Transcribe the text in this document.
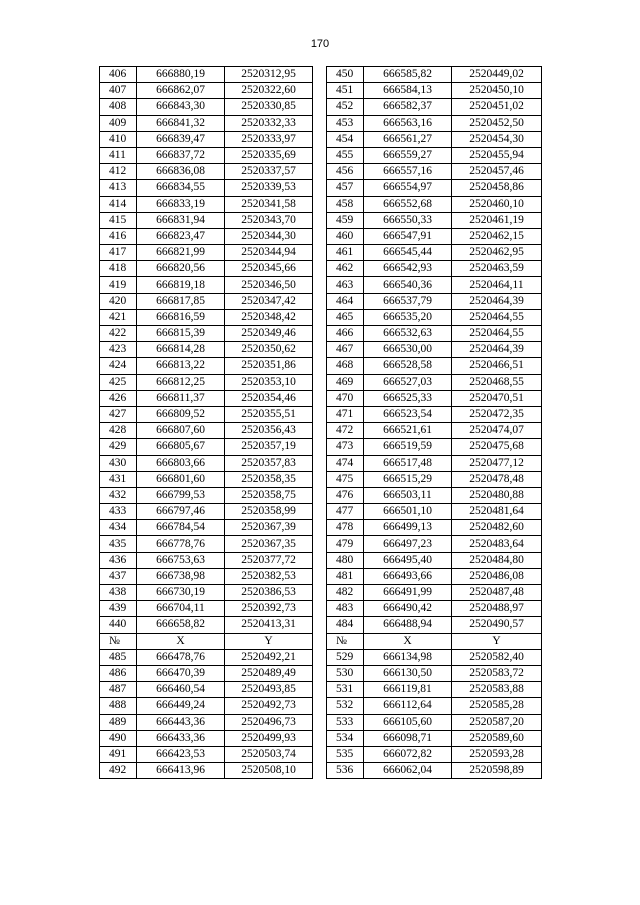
170
406	666880,19	2520312,95		450	666585,82	2520449,02
407	666862,07	2520322,60		451	666584,13	2520450,10
408	666843,30	2520330,85		452	666582,37	2520451,02
409	666841,32	2520332,33		453	666563,16	2520452,50
410	666839,47	2520333,97		454	666561,27	2520454,30
411	666837,72	2520335,69		455	666559,27	2520455,94
412	666836,08	2520337,57		456	666557,16	2520457,46
413	666834,55	2520339,53		457	666554,97	2520458,86
414	666833,19	2520341,58		458	666552,68	2520460,10
415	666831,94	2520343,70		459	666550,33	2520461,19
416	666823,47	2520344,30		460	666547,91	2520462,15
417	666821,99	2520344,94		461	666545,44	2520462,95
418	666820,56	2520345,66		462	666542,93	2520463,59
419	666819,18	2520346,50		463	666540,36	2520464,11
420	666817,85	2520347,42		464	666537,79	2520464,39
421	666816,59	2520348,42		465	666535,20	2520464,55
422	666815,39	2520349,46		466	666532,63	2520464,55
423	666814,28	2520350,62		467	666530,00	2520464,39
424	666813,22	2520351,86		468	666528,58	2520466,51
425	666812,25	2520353,10		469	666527,03	2520468,55
426	666811,37	2520354,46		470	666525,33	2520470,51
427	666809,52	2520355,51		471	666523,54	2520472,35
428	666807,60	2520356,43		472	666521,61	2520474,07
429	666805,67	2520357,19		473	666519,59	2520475,68
430	666803,66	2520357,83		474	666517,48	2520477,12
431	666801,60	2520358,35		475	666515,29	2520478,48
432	666799,53	2520358,75		476	666503,11	2520480,88
433	666797,46	2520358,99		477	666501,10	2520481,64
434	666784,54	2520367,39		478	666499,13	2520482,60
435	666778,76	2520367,35		479	666497,23	2520483,64
436	666753,63	2520377,72		480	666495,40	2520484,80
437	666738,98	2520382,53		481	666493,66	2520486,08
438	666730,19	2520386,53		482	666491,99	2520487,48
439	666704,11	2520392,73		483	666490,42	2520488,97
440	666658,82	2520413,31		484	666488,94	2520490,57
№	X	Y		№	X	Y
485	666478,76	2520492,21		529	666134,98	2520582,40
486	666470,39	2520489,49		530	666130,50	2520583,72
487	666460,54	2520493,85		531	666119,81	2520583,88
488	666449,24	2520492,73		532	666112,64	2520585,28
489	666443,36	2520496,73		533	666105,60	2520587,20
490	666433,36	2520499,93		534	666098,71	2520589,60
491	666423,53	2520503,74		535	666072,82	2520593,28
492	666413,96	2520508,10		536	666062,04	2520598,89
